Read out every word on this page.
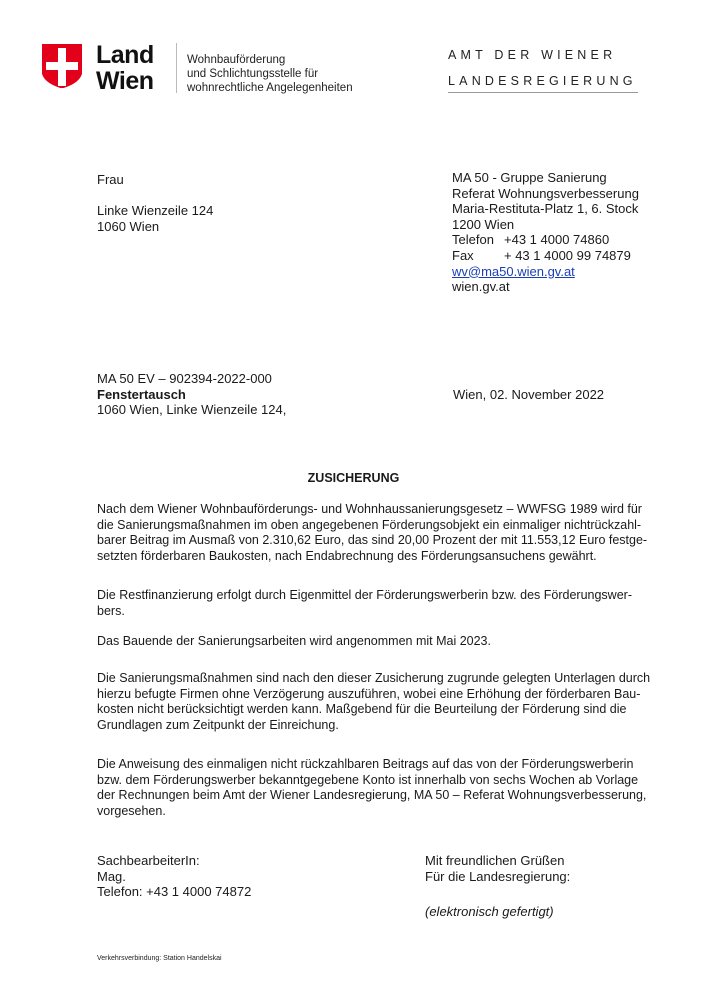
Land
Wien
Wohnbauförderung
und Schlichtungsstelle für
wohnrechtliche Angelegenheiten
AMT DER WIENER
LANDESREGIERUNG
Frau
Linke Wienzeile 124
1060 Wien
MA 50 - Gruppe Sanierung
Referat Wohnungsverbesserung
Maria-Restituta-Platz 1, 6. Stock
1200 Wien
Telefon +43 1 4000 74860
Fax + 43 1 4000 99 74879
wv@ma50.wien.gv.at
wien.gv.at
MA 50 EV – 902394-2022-000
Fenstertausch
1060 Wien, Linke Wienzeile 124,
Wien, 02. November 2022
ZUSICHERUNG
Nach dem Wiener Wohnbauförderungs- und Wohnhaussanierungsgesetz – WWFSG 1989 wird für
die Sanierungsmaßnahmen im oben angegebenen Förderungsobjekt ein einmaliger nichtrückzahl-
barer Beitrag im Ausmaß von 2.310,62 Euro, das sind 20,00 Prozent der mit 11.553,12 Euro festge-
setzten förderbaren Baukosten, nach Endabrechnung des Förderungsansuchens gewährt.
Die Restfinanzierung erfolgt durch Eigenmittel der Förderungswerberin bzw. des Förderungswer-
bers.
Das Bauende der Sanierungsarbeiten wird angenommen mit Mai 2023.
Die Sanierungsmaßnahmen sind nach den dieser Zusicherung zugrunde gelegten Unterlagen durch
hierzu befugte Firmen ohne Verzögerung auszuführen, wobei eine Erhöhung der förderbaren Bau-
kosten nicht berücksichtigt werden kann. Maßgebend für die Beurteilung der Förderung sind die
Grundlagen zum Zeitpunkt der Einreichung.
Die Anweisung des einmaligen nicht rückzahlbaren Beitrags auf das von der Förderungswerberin
bzw. dem Förderungswerber bekanntgegebene Konto ist innerhalb von sechs Wochen ab Vorlage
der Rechnungen beim Amt der Wiener Landesregierung, MA 50 – Referat Wohnungsverbesserung,
vorgesehen.
SachbearbeiterIn:
Mag.
Telefon: +43 1 4000 74872
Mit freundlichen Grüßen
Für die Landesregierung:
(elektronisch gefertigt)
Verkehrsverbindung: Station Handelskai
